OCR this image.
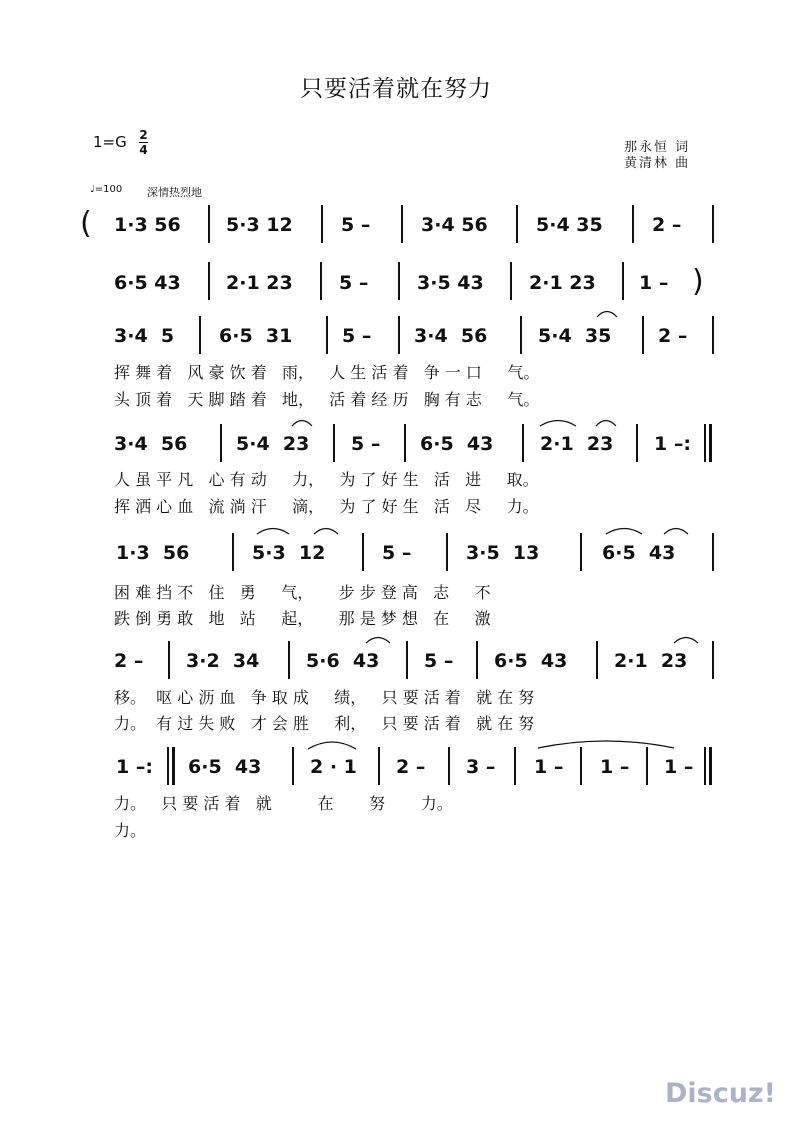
只要活着就在努力
1=G 2
4	那永恒 词
黄清林 曲
♩=100 深情热烈地
( 1·3 56 5·3 12	5 –	3·4 56	5·4 35	2 –
6·5 43 2·1 23 5 –	3·5 43 2·1 23 1 – )
3·4  5 6·5  31	5 – 3·4  56	5·4  35 2 –
挥 舞 着   风 豪 饮 着   雨，   人 生 活 着   争 一 口     气。
头 顶 着   天 脚 踏 着   地，   活 着 经 历   胸 有 志     气。
3·4  56	5·4  23 5 – 6·5  43 2·1  23 1 –:
人 虽 平 凡   心 有 动     力，   为 了 好 生   活   进     取。
挥 洒 心 血   流 淌 汗     滴，   为 了 好 生   活   尽     力。
1·3  56	5·3  12	5 –	3·5  13	6·5  43
困 难 挡 不   住   勇     气，     步 步 登 高   志     不
跌 倒 勇 敢   地   站     起，     那 是 梦 想   在     激
2 – 3·2  34 5·6  43 5 – 6·5  43 2·1  23
移。  呕 心 沥 血   争 取 成     绩，   只 要 活 着   就 在 努
力。  有 过 失 败   才 会 胜     利，   只 要 活 着   就 在 努
1 –: 6·5  43	2 · 1 2 – 3 – 1 – 1 – 1 –
力。   只 要 活 着   就         在       努       力。
力。
Discuz!
